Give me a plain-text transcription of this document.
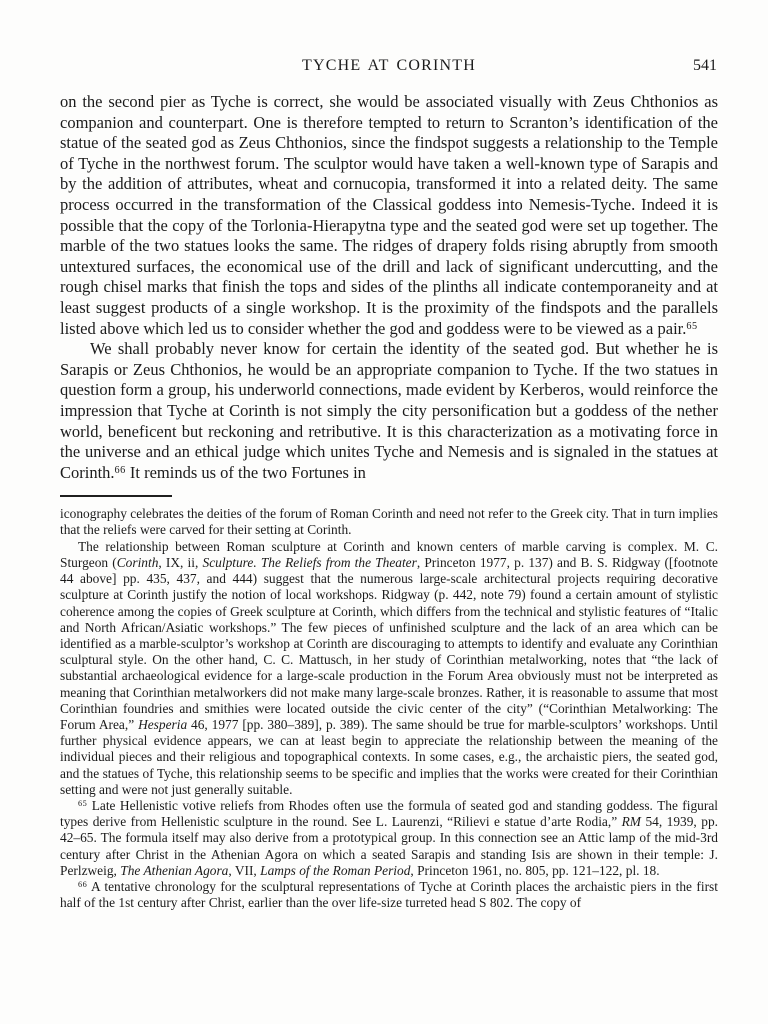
TYCHE AT CORINTH	541

on the second pier as Tyche is correct, she would be associated visually with Zeus Chthonios as companion and counterpart. One is therefore tempted to return to Scranton’s identification of the statue of the seated god as Zeus Chthonios, since the findspot suggests a relationship to the Temple of Tyche in the northwest forum. The sculptor would have taken a well-known type of Sarapis and by the addition of attributes, wheat and cornucopia, transformed it into a related deity. The same process occurred in the transformation of the Classical goddess into Nemesis-Tyche. Indeed it is possible that the copy of the Torlonia-Hierapytna type and the seated god were set up together. The marble of the two statues looks the same. The ridges of drapery folds rising abruptly from smooth untextured surfaces, the economical use of the drill and lack of significant undercutting, and the rough chisel marks that finish the tops and sides of the plinths all indicate contemporaneity and at least suggest products of a single workshop. It is the proximity of the findspots and the parallels listed above which led us to consider whether the god and goddess were to be viewed as a pair.$^{65}$

We shall probably never know for certain the identity of the seated god. But whether he is Sarapis or Zeus Chthonios, he would be an appropriate companion to Tyche. If the two statues in question form a group, his underworld connections, made evident by Kerberos, would reinforce the impression that Tyche at Corinth is not simply the city personification but a goddess of the nether world, beneficent but reckoning and retributive. It is this characterization as a motivating force in the universe and an ethical judge which unites Tyche and Nemesis and is signaled in the statues at Corinth.$^{66}$ It reminds us of the two Fortunes in

iconography celebrates the deities of the forum of Roman Corinth and need not refer to the Greek city. That in turn implies that the reliefs were carved for their setting at Corinth.

The relationship between Roman sculpture at Corinth and known centers of marble carving is complex. M. C. Sturgeon (Corinth, IX, ii, Sculpture. The Reliefs from the Theater, Princeton 1977, p. 137) and B. S. Ridgway ([footnote 44 above] pp. 435, 437, and 444) suggest that the numerous large-scale architectural projects requiring decorative sculpture at Corinth justify the notion of local workshops. Ridgway (p. 442, note 79) found a certain amount of stylistic coherence among the copies of Greek sculpture at Corinth, which differs from the technical and stylistic features of “Italic and North African/Asiatic workshops.” The few pieces of unfinished sculpture and the lack of an area which can be identified as a marble-sculptor’s workshop at Corinth are discouraging to attempts to identify and evaluate any Corinthian sculptural style. On the other hand, C. C. Mattusch, in her study of Corinthian metalworking, notes that “the lack of substantial archaeological evidence for a large-scale production in the Forum Area obviously must not be interpreted as meaning that Corinthian metalworkers did not make many large-scale bronzes. Rather, it is reasonable to assume that most Corinthian foundries and smithies were located outside the civic center of the city” (“Corinthian Metalworking: The Forum Area,” Hesperia 46, 1977 [pp. 380–389], p. 389). The same should be true for marble-sculptors’ workshops. Until further physical evidence appears, we can at least begin to appreciate the relationship between the meaning of the individual pieces and their religious and topographical contexts. In some cases, e.g., the archaistic piers, the seated god, and the statues of Tyche, this relationship seems to be specific and implies that the works were created for their Corinthian setting and were not just generally suitable.

$^{65}$ Late Hellenistic votive reliefs from Rhodes often use the formula of seated god and standing goddess. The figural types derive from Hellenistic sculpture in the round. See L. Laurenzi, “Rilievi e statue d’arte Rodia,” RM 54, 1939, pp. 42–65. The formula itself may also derive from a prototypical group. In this connection see an Attic lamp of the mid-3rd century after Christ in the Athenian Agora on which a seated Sarapis and standing Isis are shown in their temple: J. Perlzweig, The Athenian Agora, VII, Lamps of the Roman Period, Princeton 1961, no. 805, pp. 121–122, pl. 18.

$^{66}$ A tentative chronology for the sculptural representations of Tyche at Corinth places the archaistic piers in the first half of the 1st century after Christ, earlier than the over life-size turreted head S 802. The copy of
